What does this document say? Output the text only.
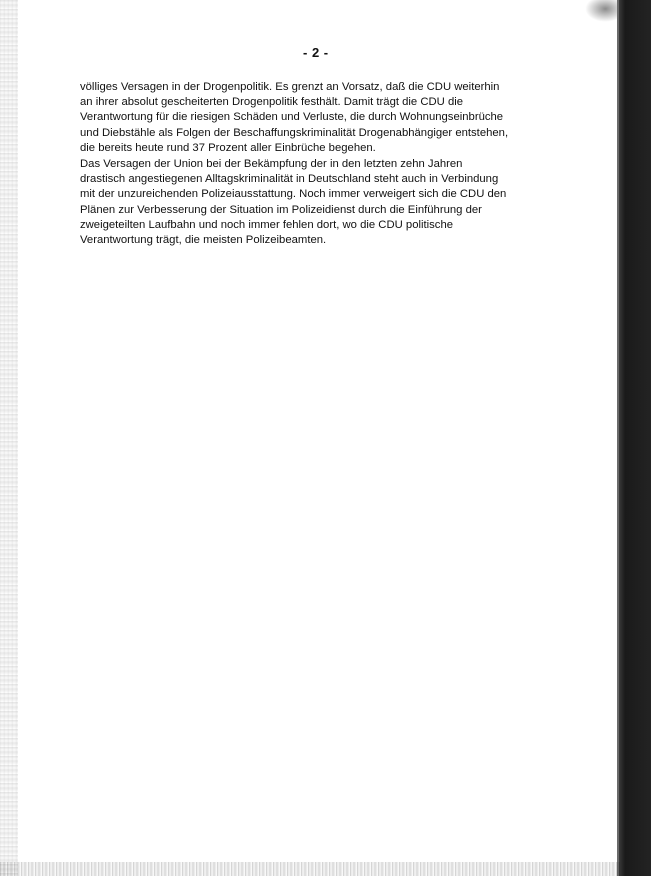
- 2 -

völliges Versagen in der Drogenpolitik. Es grenzt an Vorsatz, daß die CDU weiterhin
an ihrer absolut gescheiterten Drogenpolitik festhält. Damit trägt die CDU die
Verantwortung für die riesigen Schäden und Verluste, die durch Wohnungseinbrüche
und Diebstähle als Folgen der Beschaffungskriminalität Drogenabhängiger entstehen,
die bereits heute rund 37 Prozent aller Einbrüche begehen.

Das Versagen der Union bei der Bekämpfung der in den letzten zehn Jahren
drastisch angestiegenen Alltagskriminalität in Deutschland steht auch in Verbindung
mit der unzureichenden Polizeiausstattung. Noch immer verweigert sich die CDU den
Plänen zur Verbesserung der Situation im Polizeidienst durch die Einführung der
zweigeteilten Laufbahn und noch immer fehlen dort, wo die CDU politische
Verantwortung trägt, die meisten Polizeibeamten.
